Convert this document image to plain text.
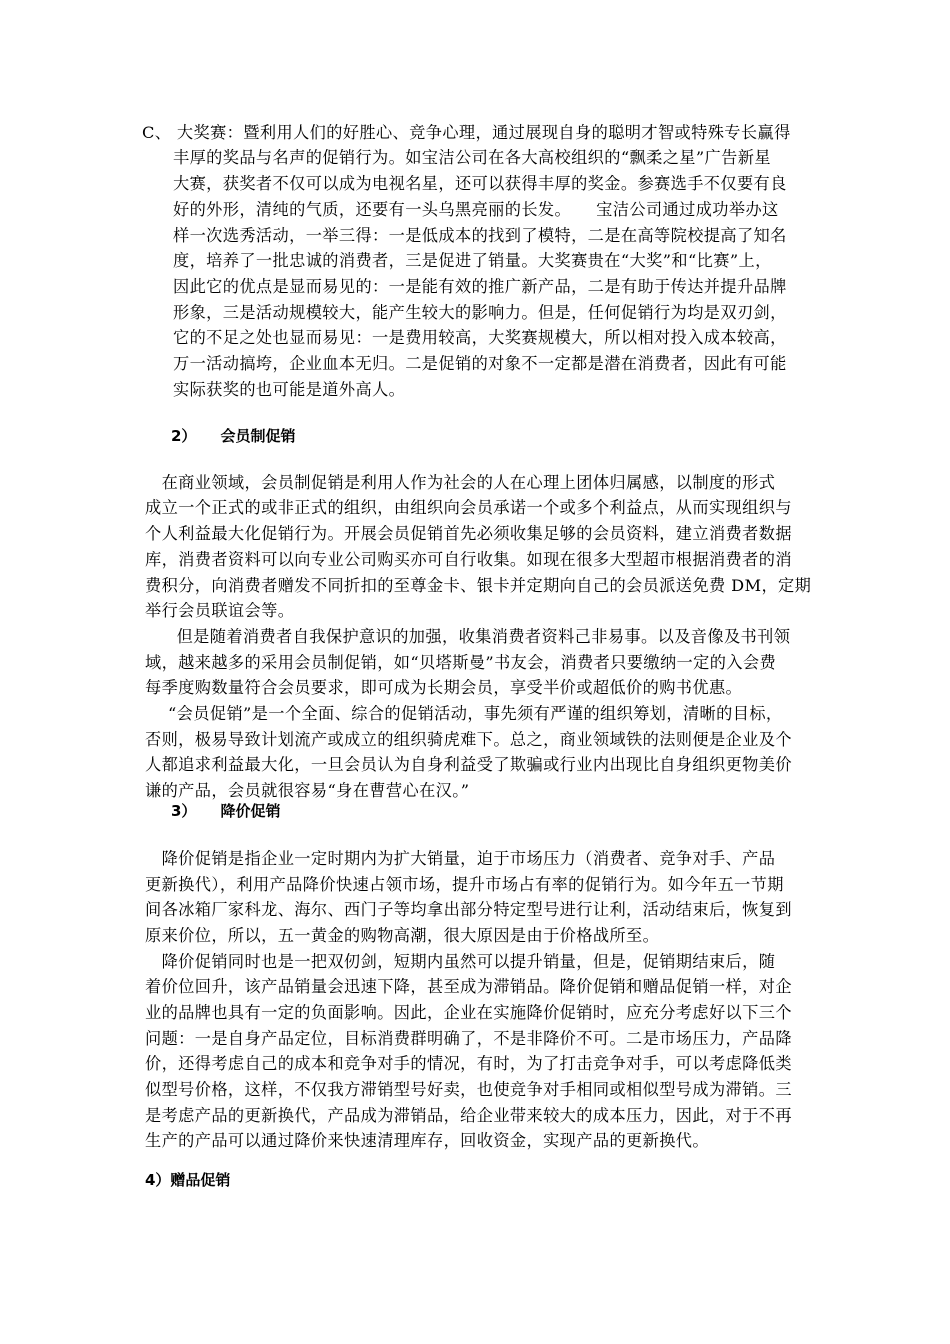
C、 大奖赛：暨利用人们的好胜心、竞争心理，通过展现自身的聪明才智或特殊专长赢得
丰厚的奖品与名声的促销行为。如宝洁公司在各大高校组织的“飘柔之星”广告新星
大赛，获奖者不仅可以成为电视名星，还可以获得丰厚的奖金。参赛选手不仅要有良
好的外形，清纯的气质，还要有一头乌黑亮丽的长发。　　宝洁公司通过成功举办这
样一次选秀活动，一举三得：一是低成本的找到了模特，二是在高等院校提高了知名
度，培养了一批忠诚的消费者，三是促进了销量。大奖赛贵在“大奖”和“比赛”上，
因此它的优点是显而易见的：一是能有效的推广新产品，二是有助于传达并提升品牌
形象，三是活动规模较大，能产生较大的影响力。但是，任何促销行为均是双刃剑，
它的不足之处也显而易见：一是费用较高，大奖赛规模大，所以相对投入成本较高，
万一活动搞垮，企业血本无归。二是促销的对象不一定都是潜在消费者，因此有可能
实际获奖的也可能是道外高人。
2） 会员制促销
　在商业领域，会员制促销是利用人作为社会的人在心理上团体归属感，以制度的形式
成立一个正式的或非正式的组织，由组织向会员承诺一个或多个利益点，从而实现组织与
个人利益最大化促销行为。开展会员促销首先必须收集足够的会员资料，建立消费者数据
库，消费者资料可以向专业公司购买亦可自行收集。如现在很多大型超市根据消费者的消
费积分，向消费者赠发不同折扣的至尊金卡、银卡并定期向自己的会员派送免费 DM，定期
举行会员联谊会等。
　但是随着消费者自我保护意识的加强，收集消费者资料己非易事。以及音像及书刊领
域，越来越多的采用会员制促销，如“贝塔斯曼”书友会，消费者只要缴纳一定的入会费
每季度购数量符合会员要求，即可成为长期会员，享受半价或超低价的购书优惠。
“会员促销”是一个全面、综合的促销活动，事先须有严谨的组织筹划，清晰的目标，
否则，极易导致计划流产或成立的组织骑虎难下。总之，商业领域铁的法则便是企业及个
人都追求利益最大化，一旦会员认为自身利益受了欺骗或行业内出现比自身组织更物美价
谦的产品，会员就很容易“身在曹营心在汉。”
3） 降价促销
　降价促销是指企业一定时期内为扩大销量，迫于市场压力（消费者、竞争对手、产品
更新换代），利用产品降价快速占领市场，提升市场占有率的促销行为。如今年五一节期
间各冰箱厂家科龙、海尔、西门子等均拿出部分特定型号进行让利，活动结束后，恢复到
原来价位，所以，五一黄金的购物高潮，很大原因是由于价格战所至。
　降价促销同时也是一把双仞剑，短期内虽然可以提升销量，但是，促销期结束后，随
着价位回升，该产品销量会迅速下降，甚至成为滞销品。降价促销和赠品促销一样，对企
业的品牌也具有一定的负面影响。因此，企业在实施降价促销时，应充分考虑好以下三个
问题：一是自身产品定位，目标消费群明确了，不是非降价不可。二是市场压力，产品降
价，还得考虑自己的成本和竞争对手的情况，有时，为了打击竞争对手，可以考虑降低类
似型号价格，这样，不仅我方滞销型号好卖，也使竞争对手相同或相似型号成为滞销。三
是考虑产品的更新换代，产品成为滞销品，给企业带来较大的成本压力，因此，对于不再
生产的产品可以通过降价来快速清理库存，回收资金，实现产品的更新换代。
4）赠品促销
